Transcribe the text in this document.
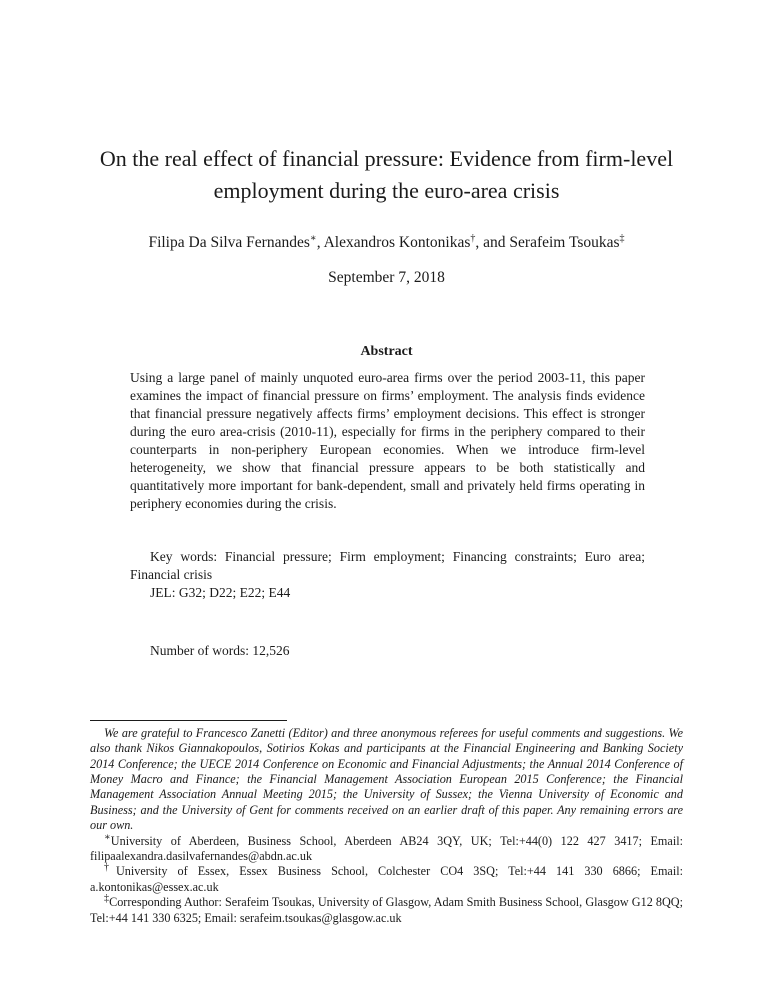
On the real effect of financial pressure: Evidence from firm-level employment during the euro-area crisis
Filipa Da Silva Fernandes∗, Alexandros Kontonikas†, and Serafeim Tsoukas‡
September 7, 2018
Abstract

Using a large panel of mainly unquoted euro-area firms over the period 2003-11, this paper examines the impact of financial pressure on firms’ employment. The analysis finds evidence that financial pressure negatively affects firms’ employment decisions. This effect is stronger during the euro area-crisis (2010-11), especially for firms in the periphery compared to their counterparts in non-periphery European economies. When we introduce firm-level heterogeneity, we show that financial pressure appears to be both statistically and quantitatively more important for bank-dependent, small and privately held firms operating in periphery economies during the crisis.

Key words: Financial pressure; Firm employment; Financing constraints; Euro area; Financial crisis

JEL: G32; D22; E22; E44

Number of words: 12,526

We are grateful to Francesco Zanetti (Editor) and three anonymous referees for useful comments and suggestions. We also thank Nikos Giannakopoulos, Sotirios Kokas and participants at the Financial Engineering and Banking Society 2014 Conference; the UECE 2014 Conference on Economic and Financial Adjustments; the Annual 2014 Conference of Money Macro and Finance; the Financial Management Association European 2015 Conference; the Financial Management Association Annual Meeting 2015; the University of Sussex; the Vienna University of Economic and Business; and the University of Gent for comments received on an earlier draft of this paper. Any remaining errors are our own.

∗University of Aberdeen, Business School, Aberdeen AB24 3QY, UK; Tel:+44(0) 122 427 3417; Email: filipaalexandra.dasilvafernandes@abdn.ac.uk

†University of Essex, Essex Business School, Colchester CO4 3SQ; Tel:+44 141 330 6866; Email: a.kontonikas@essex.ac.uk

‡Corresponding Author: Serafeim Tsoukas, University of Glasgow, Adam Smith Business School, Glasgow G12 8QQ; Tel:+44 141 330 6325; Email: serafeim.tsoukas@glasgow.ac.uk
